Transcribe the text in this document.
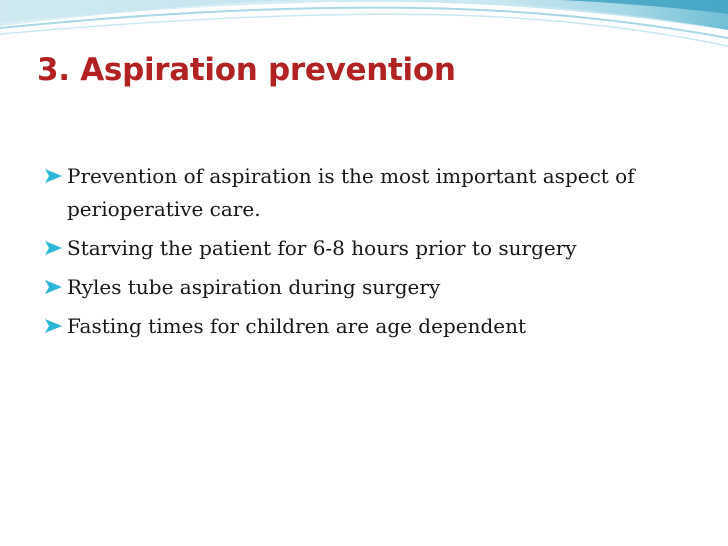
3. Aspiration prevention
Prevention of aspiration is the most important aspect of perioperative care.
Starving the patient for 6-8 hours prior to surgery
Ryles tube aspiration during surgery
Fasting times for children are age dependent
